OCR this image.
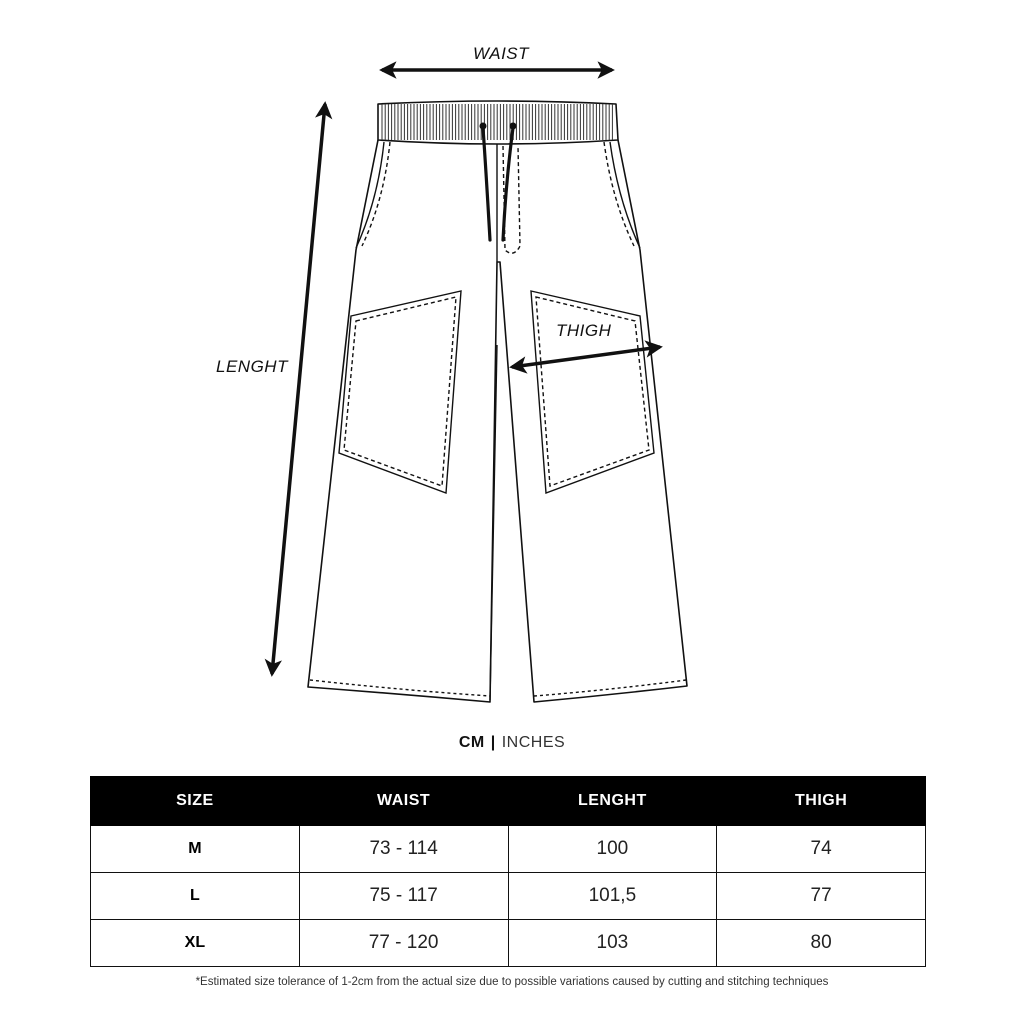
WAIST
LENGHT
THIGH
CM | INCHES
SIZE	WAIST	LENGHT	THIGH
M	73 - 114	100	74
L	75 - 117	101,5	77
XL	77 - 120	103	80
*Estimated size tolerance of 1-2cm from the actual size due to possible variations caused by cutting and stitching techniques
